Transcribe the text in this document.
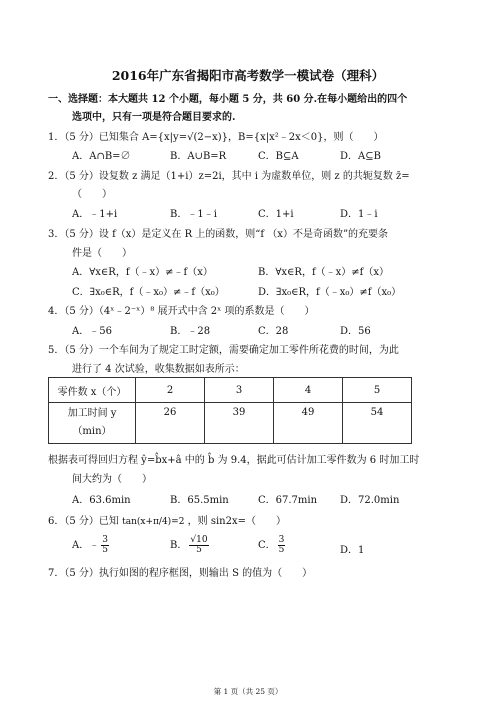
2016年广东省揭阳市高考数学一模试卷（理科）
一、选择题：本大题共 12 个小题，每小题 5 分，共 60 分.在每小题给出的四个
选项中，只有一项是符合题目要求的.
1．（5 分）已知集合 A={x|y=√(2−x)}，B={x|x²﹣2x＜0}，则（　　）
A．A∩B=∅	B．A∪B=R	C．B⊆A	D．A⊆B
2．（5 分）设复数 z 满足（1+i）z=2i，其中 i 为虚数单位，则 z 的共轭复数 z̄=
（　　）
A．﹣1+i	B．﹣1﹣i	C．1+i	D．1﹣i
3．（5 分）设 f（x）是定义在 R 上的函数，则“f （x）不是奇函数”的充要条
件是（　　）
A．∀x∈R，f（﹣x）≠﹣f（x）	B．∀x∈R，f（﹣x）≠f（x）
C．∃x₀∈R，f（﹣x₀）≠﹣f（x₀）	D．∃x₀∈R，f（﹣x₀）≠f（x₀）
4．（5 分）（4ˣ﹣2⁻ˣ）⁸ 展开式中含 2ˣ 项的系数是（　　）
A．﹣56	B．﹣28	C．28	D．56
5．（5 分）一个车间为了规定工时定额，需要确定加工零件所花费的时间，为此
进行了 4 次试验，收集数据如表所示：
零件数 x（个）	2	3	4	5
加工时间 y
（min）	26	39	49	54
根据表可得回归方程 ŷ=b̂x+â 中的 b̂ 为 9.4，据此可估计加工零件数为 6 时加工时
间大约为（　　）
A．63.6min	B．65.5min	C．67.7min D．72.0min
6．（5 分）已知 tan(x+π/4)=2 ，则 sin2x=（　　）
A．﹣ $\frac{3}{5}$	B． $\frac{√10}{5}$	C． $\frac{3}{5}$	D．1
7．（5 分）执行如图的程序框图，则输出 S 的值为（　　）
第 1 页（共 25 页）
